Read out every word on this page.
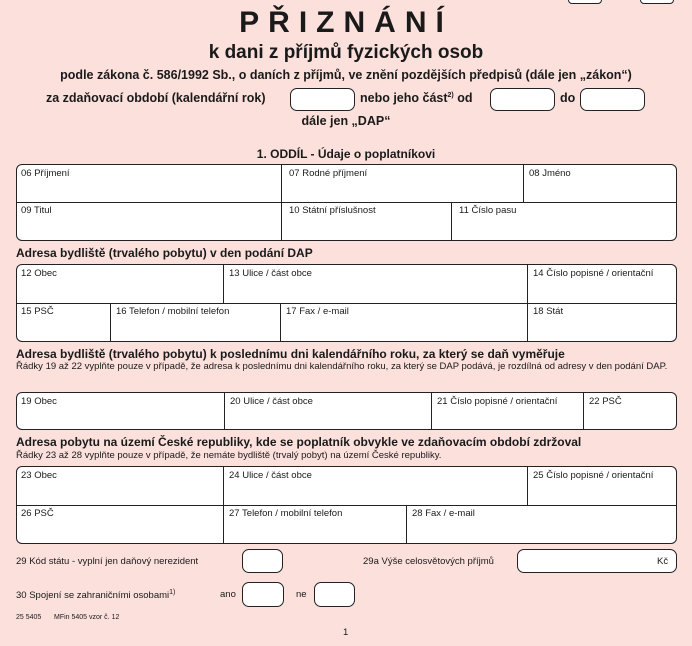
PŘIZNÁNÍ
k dani z příjmů fyzických osob
podle zákona č. 586/1992 Sb., o daních z příjmů, ve znění pozdějších předpisů (dále jen „zákon“)
za zdaňovací období (kalendářní rok)	nebo jeho část$^{2)}$ od	do
dále jen „DAP“
1. ODDÍL - Údaje o poplatníkovi
06 Příjmení	07 Rodné příjmení	08 Jméno
09 Titul	10 Státní příslušnost	11 Číslo pasu
Adresa bydliště (trvalého pobytu) v den podání DAP
12 Obec	13 Ulice / část obce	14 Číslo popisné / orientační
15 PSČ	16 Telefon / mobilní telefon	17 Fax / e-mail	18 Stát
Adresa bydliště (trvalého pobytu) k poslednímu dni kalendářního roku, za který se daň vyměřuje
Řádky 19 až 22 vyplňte pouze v případě, že adresa k poslednímu dni kalendářního roku, za který se DAP podává, je rozdílná od adresy v den podání DAP.
19 Obec	20 Ulice / část obce	21 Číslo popisné / orientační	22 PSČ
Adresa pobytu na území České republiky, kde se poplatník obvykle ve zdaňovacím období zdržoval
Řádky 23 až 28 vyplňte pouze v případě, že nemáte bydliště (trvalý pobyt) na území České republiky.
23 Obec	24 Ulice / část obce	25 Číslo popisné / orientační
26 PSČ	27 Telefon / mobilní telefon	28 Fax / e-mail
29 Kód státu - vyplní jen daňový nerezident	29a Výše celosvětových příjmů	Kč
30 Spojení se zahraničními osobami$^{1)}$	ano	ne
25 5405 MFin 5405 vzor č. 12
1
